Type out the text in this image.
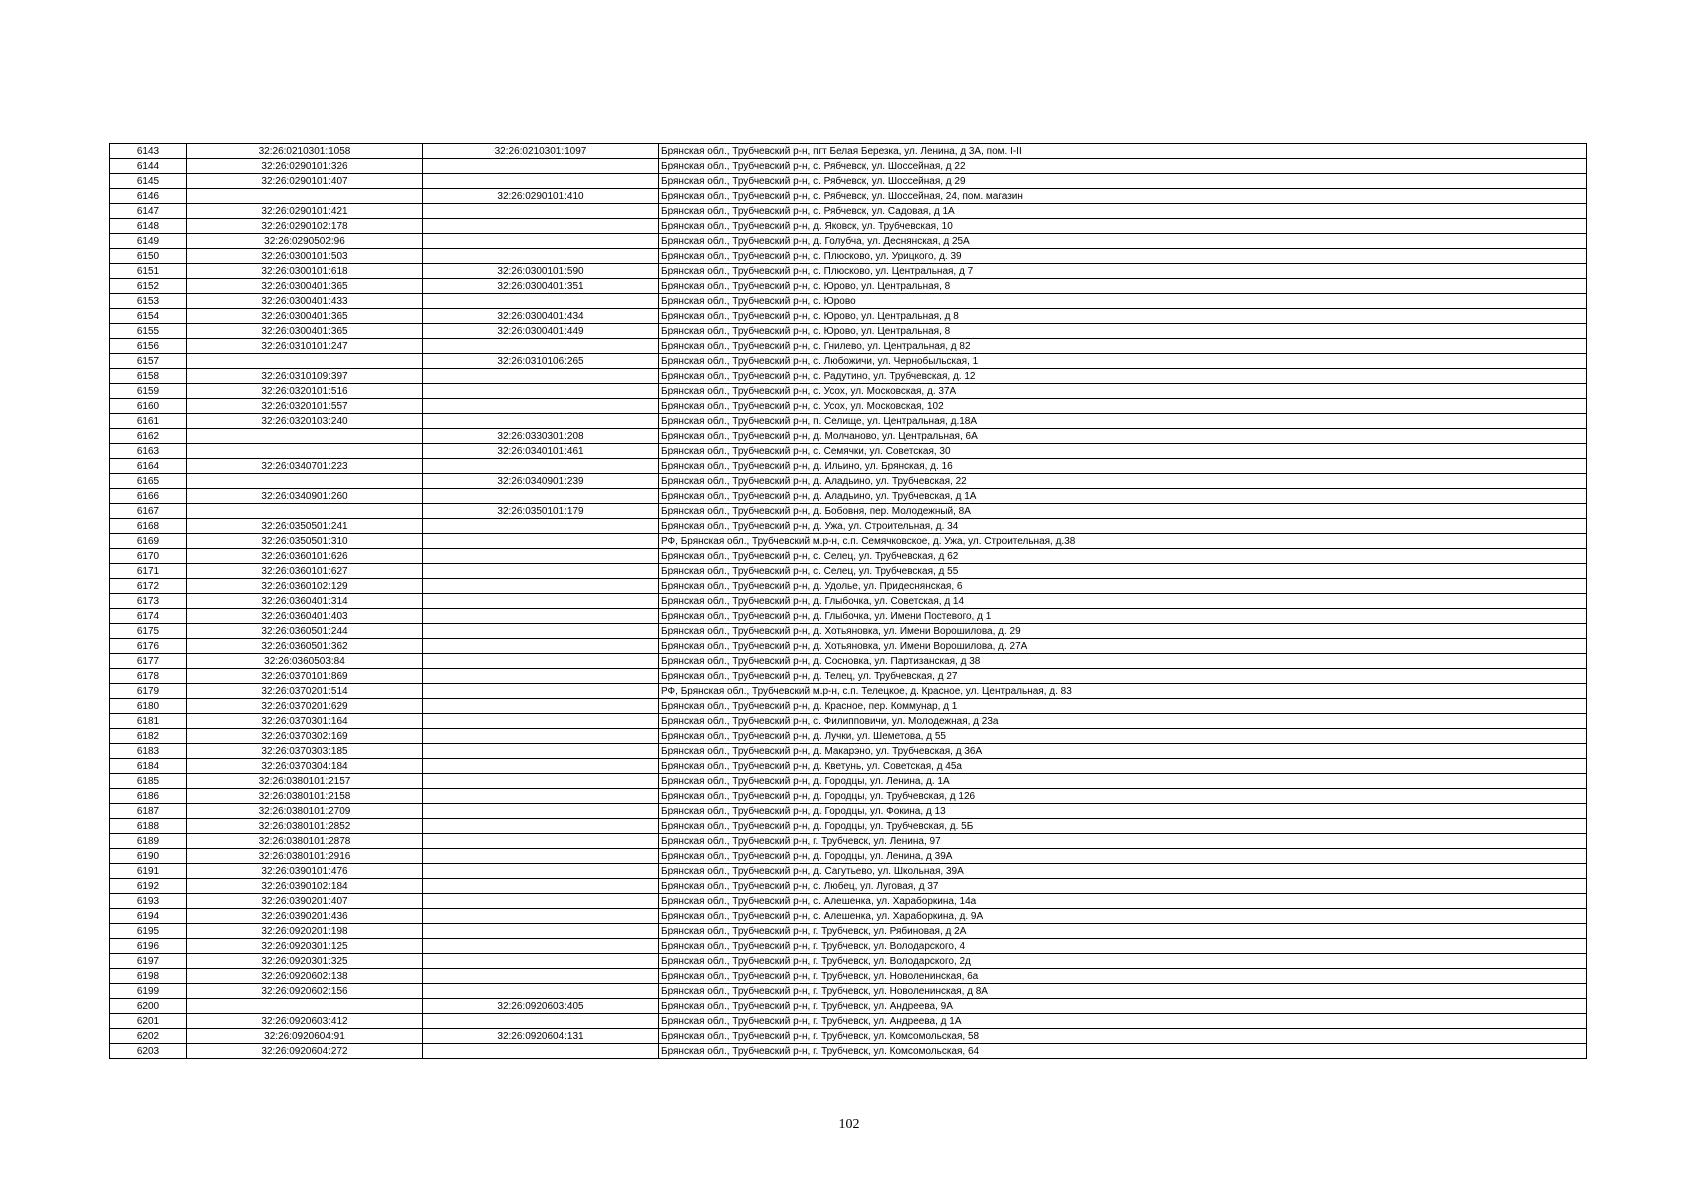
6143	32:26:0210301:1058	32:26:0210301:1097	Брянская обл., Трубчевский р-н, пгт Белая Березка, ул. Ленина, д 3А, пом. I-II
6144	32:26:0290101:326		Брянская обл., Трубчевский р-н, с. Рябчевск, ул. Шоссейная, д 22
6145	32:26:0290101:407		Брянская обл., Трубчевский р-н, с. Рябчевск, ул. Шоссейная, д 29
6146		32:26:0290101:410	Брянская обл., Трубчевский р-н, с. Рябчевск, ул. Шоссейная, 24, пом. магазин
6147	32:26:0290101:421		Брянская обл., Трубчевский р-н, с. Рябчевск, ул. Садовая, д 1А
6148	32:26:0290102:178		Брянская обл., Трубчевский р-н, д. Яковск, ул. Трубчевская, 10
6149	32:26:0290502:96		Брянская обл., Трубчевский р-н, д. Голубча, ул. Деснянская, д 25А
6150	32:26:0300101:503		Брянская обл., Трубчевский р-н, с. Плюсково, ул. Урицкого, д. 39
6151	32:26:0300101:618	32:26:0300101:590	Брянская обл., Трубчевский р-н, с. Плюсково, ул. Центральная, д 7
6152	32:26:0300401:365	32:26:0300401:351	Брянская обл., Трубчевский р-н, с. Юрово, ул. Центральная, 8
6153	32:26:0300401:433		Брянская обл., Трубчевский р-н, с. Юрово
6154	32:26:0300401:365	32:26:0300401:434	Брянская обл., Трубчевский р-н, с. Юрово, ул. Центральная, д 8
6155	32:26:0300401:365	32:26:0300401:449	Брянская обл., Трубчевский р-н, с. Юрово, ул. Центральная, 8
6156	32:26:0310101:247		Брянская обл., Трубчевский р-н, с. Гнилево, ул. Центральная, д 82
6157		32:26:0310106:265	Брянская обл., Трубчевский р-н, с. Любожичи, ул. Чернобыльская, 1
6158	32:26:0310109:397		Брянская обл., Трубчевский р-н, с. Радутино, ул. Трубчевская, д. 12
6159	32:26:0320101:516		Брянская обл., Трубчевский р-н, с. Усох, ул. Московская, д. 37А
6160	32:26:0320101:557		Брянская обл., Трубчевский р-н, с. Усох, ул. Московская, 102
6161	32:26:0320103:240		Брянская обл., Трубчевский р-н, п. Селище, ул. Центральная, д.18А
6162		32:26:0330301:208	Брянская обл., Трубчевский р-н, д. Молчаново, ул. Центральная, 6А
6163		32:26:0340101:461	Брянская обл., Трубчевский р-н, с. Семячки, ул. Советская, 30
6164	32:26:0340701:223		Брянская обл., Трубчевский р-н, д. Ильино, ул. Брянская, д. 16
6165		32:26:0340901:239	Брянская обл., Трубчевский р-н, д. Аладьино, ул. Трубчевская, 22
6166	32:26:0340901:260		Брянская обл., Трубчевский р-н, д. Аладьино, ул. Трубчевская, д 1А
6167		32:26:0350101:179	Брянская обл., Трубчевский р-н, д. Бобовня, пер. Молодежный, 8А
6168	32:26:0350501:241		Брянская обл., Трубчевский р-н, д. Ужа, ул. Строительная, д. 34
6169	32:26:0350501:310		РФ, Брянская обл., Трубчевский м.р-н, с.п. Семячковское, д. Ужа, ул. Строительная, д.38
6170	32:26:0360101:626		Брянская обл., Трубчевский р-н, с. Селец, ул. Трубчевская, д 62
6171	32:26:0360101:627		Брянская обл., Трубчевский р-н, с. Селец, ул. Трубчевская, д 55
6172	32:26:0360102:129		Брянская обл., Трубчевский р-н, д. Удолье, ул. Придеснянская, 6
6173	32:26:0360401:314		Брянская обл., Трубчевский р-н, д. Глыбочка, ул. Советская, д 14
6174	32:26:0360401:403		Брянская обл., Трубчевский р-н, д. Глыбочка, ул. Имени Постевого, д 1
6175	32:26:0360501:244		Брянская обл., Трубчевский р-н, д. Хотьяновка, ул. Имени Ворошилова, д. 29
6176	32:26:0360501:362		Брянская обл., Трубчевский р-н, д. Хотьяновка, ул. Имени Ворошилова, д. 27А
6177	32:26:0360503:84		Брянская обл., Трубчевский р-н, д. Сосновка, ул. Партизанская, д 38
6178	32:26:0370101:869		Брянская обл., Трубчевский р-н, д. Телец, ул. Трубчевская, д 27
6179	32:26:0370201:514		РФ, Брянская обл., Трубчевский м.р-н, с.п. Телецкое, д. Красное, ул. Центральная, д. 83
6180	32:26:0370201:629		Брянская обл., Трубчевский р-н, д. Красное, пер. Коммунар, д 1
6181	32:26:0370301:164		Брянская обл., Трубчевский р-н, с. Филипповичи, ул. Молодежная, д 23а
6182	32:26:0370302:169		Брянская обл., Трубчевский р-н, д. Лучки, ул. Шеметова, д 55
6183	32:26:0370303:185		Брянская обл., Трубчевский р-н, д. Макарэно, ул. Трубчевская, д 36А
6184	32:26:0370304:184		Брянская обл., Трубчевский р-н, д. Кветунь, ул. Советская, д 45а
6185	32:26:0380101:2157		Брянская обл., Трубчевский р-н, д. Городцы, ул. Ленина, д. 1А
6186	32:26:0380101:2158		Брянская обл., Трубчевский р-н, д. Городцы, ул. Трубчевская, д 126
6187	32:26:0380101:2709		Брянская обл., Трубчевский р-н, д. Городцы, ул. Фокина, д 13
6188	32:26:0380101:2852		Брянская обл., Трубчевский р-н, д. Городцы, ул. Трубчевская, д. 5Б
6189	32:26:0380101:2878		Брянская обл., Трубчевский р-н, г. Трубчевск, ул. Ленина, 97
6190	32:26:0380101:2916		Брянская обл., Трубчевский р-н, д. Городцы, ул. Ленина, д 39А
6191	32:26:0390101:476		Брянская обл., Трубчевский р-н, д. Сагутьево, ул. Школьная, 39А
6192	32:26:0390102:184		Брянская обл., Трубчевский р-н, с. Любец, ул. Луговая, д 37
6193	32:26:0390201:407		Брянская обл., Трубчевский р-н, с. Алешенка, ул. Хараборкина, 14а
6194	32:26:0390201:436		Брянская обл., Трубчевский р-н, с. Алешенка, ул. Хараборкина, д. 9А
6195	32:26:0920201:198		Брянская обл., Трубчевский р-н, г. Трубчевск, ул. Рябиновая, д 2А
6196	32:26:0920301:125		Брянская обл., Трубчевский р-н, г. Трубчевск, ул. Володарского, 4
6197	32:26:0920301:325		Брянская обл., Трубчевский р-н, г. Трубчевск, ул. Володарского, 2д
6198	32:26:0920602:138		Брянская обл., Трубчевский р-н, г. Трубчевск, ул. Новоленинская, 6а
6199	32:26:0920602:156		Брянская обл., Трубчевский р-н, г. Трубчевск, ул. Новоленинская, д 8А
6200		32:26:0920603:405	Брянская обл., Трубчевский р-н, г. Трубчевск, ул. Андреева, 9А
6201	32:26:0920603:412		Брянская обл., Трубчевский р-н, г. Трубчевск, ул. Андреева, д 1А
6202	32:26:0920604:91	32:26:0920604:131	Брянская обл., Трубчевский р-н, г. Трубчевск, ул. Комсомольская, 58
6203	32:26:0920604:272		Брянская обл., Трубчевский р-н, г. Трубчевск, ул. Комсомольская, 64
102
